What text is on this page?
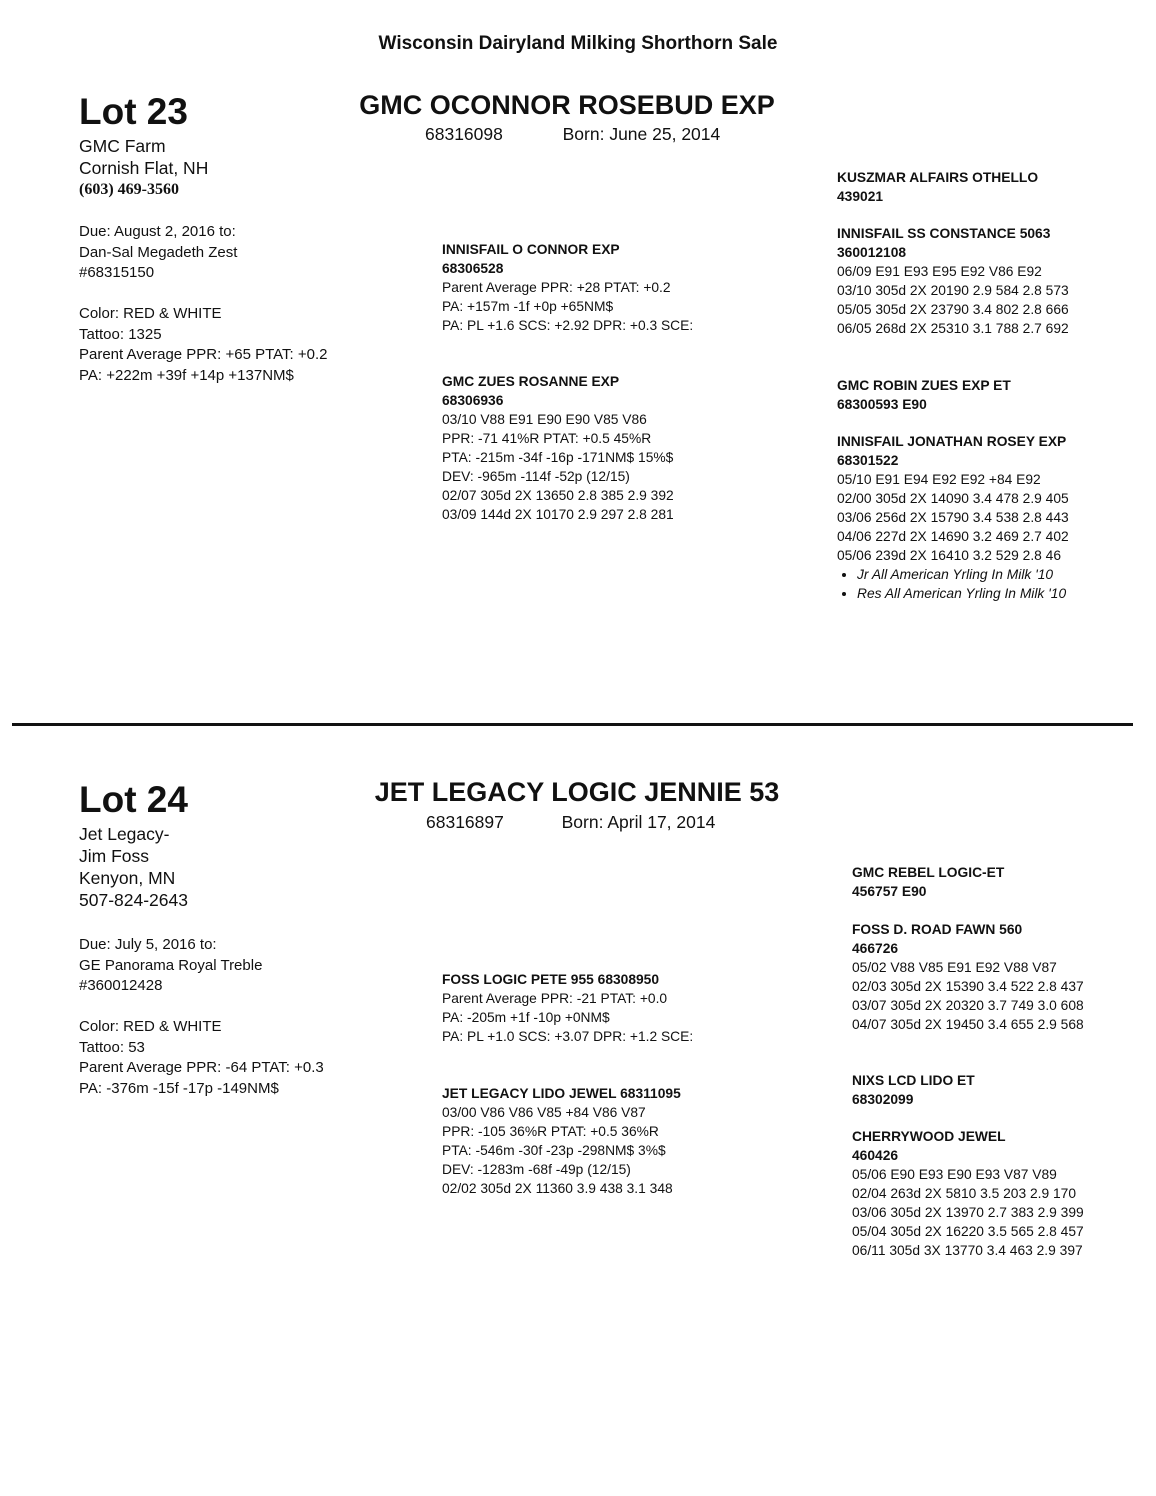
Wisconsin Dairyland Milking Shorthorn Sale
Lot 23
GMC Farm
Cornish Flat, NH
(603) 469-3560
Due: August 2, 2016 to:
Dan-Sal Megadeth Zest
#68315150
Color: RED & WHITE
Tattoo: 1325
Parent Average PPR: +65 PTAT: +0.2
PA: +222m +39f +14p +137NM$
GMC OCONNOR ROSEBUD EXP
68316098	Born: June 25, 2014
INNISFAIL O CONNOR EXP
68306528
Parent Average PPR: +28 PTAT: +0.2
PA: +157m -1f +0p +65NM$
PA: PL +1.6 SCS: +2.92 DPR: +0.3 SCE:
GMC ZUES ROSANNE EXP
68306936
03/10 V88 E91 E90 E90 V85 V86
PPR: -71 41%R PTAT: +0.5 45%R
PTA: -215m -34f -16p -171NM$ 15%$
DEV: -965m -114f -52p (12/15)
02/07 305d 2X 13650 2.8 385 2.9 392
03/09 144d 2X 10170 2.9 297 2.8 281
KUSZMAR ALFAIRS OTHELLO
439021
INNISFAIL SS CONSTANCE 5063
360012108
06/09 E91 E93 E95 E92 V86 E92
03/10 305d 2X 20190 2.9 584 2.8 573
05/05 305d 2X 23790 3.4 802 2.8 666
06/05 268d 2X 25310 3.1 788 2.7 692
GMC ROBIN ZUES EXP ET
68300593 E90
INNISFAIL JONATHAN ROSEY EXP
68301522
05/10 E91 E94 E92 E92 +84 E92
02/00 305d 2X 14090 3.4 478 2.9 405
03/06 256d 2X 15790 3.4 538 2.8 443
04/06 227d 2X 14690 3.2 469 2.7 402
05/06 239d 2X 16410 3.2 529 2.8 46
• Jr All American Yrling In Milk '10
• Res All American Yrling In Milk '10
Lot 24
Jet Legacy-
Jim Foss
Kenyon, MN
507-824-2643
Due: July 5, 2016 to:
GE Panorama Royal Treble
#360012428
Color: RED & WHITE
Tattoo: 53
Parent Average PPR: -64 PTAT: +0.3
PA: -376m -15f -17p -149NM$
JET LEGACY LOGIC JENNIE 53
68316897	Born: April 17, 2014
FOSS LOGIC PETE 955 68308950
Parent Average PPR: -21 PTAT: +0.0
PA: -205m +1f -10p +0NM$
PA: PL +1.0 SCS: +3.07 DPR: +1.2 SCE:
JET LEGACY LIDO JEWEL 68311095
03/00 V86 V86 V85 +84 V86 V87
PPR: -105 36%R PTAT: +0.5 36%R
PTA: -546m -30f -23p -298NM$ 3%$
DEV: -1283m -68f -49p (12/15)
02/02 305d 2X 11360 3.9 438 3.1 348
GMC REBEL LOGIC-ET
456757 E90
FOSS D. ROAD FAWN 560
466726
05/02 V88 V85 E91 E92 V88 V87
02/03 305d 2X 15390 3.4 522 2.8 437
03/07 305d 2X 20320 3.7 749 3.0 608
04/07 305d 2X 19450 3.4 655 2.9 568
NIXS LCD LIDO ET
68302099
CHERRYWOOD JEWEL
460426
05/06 E90 E93 E90 E93 V87 V89
02/04 263d 2X 5810 3.5 203 2.9 170
03/06 305d 2X 13970 2.7 383 2.9 399
05/04 305d 2X 16220 3.5 565 2.8 457
06/11 305d 3X 13770 3.4 463 2.9 397
